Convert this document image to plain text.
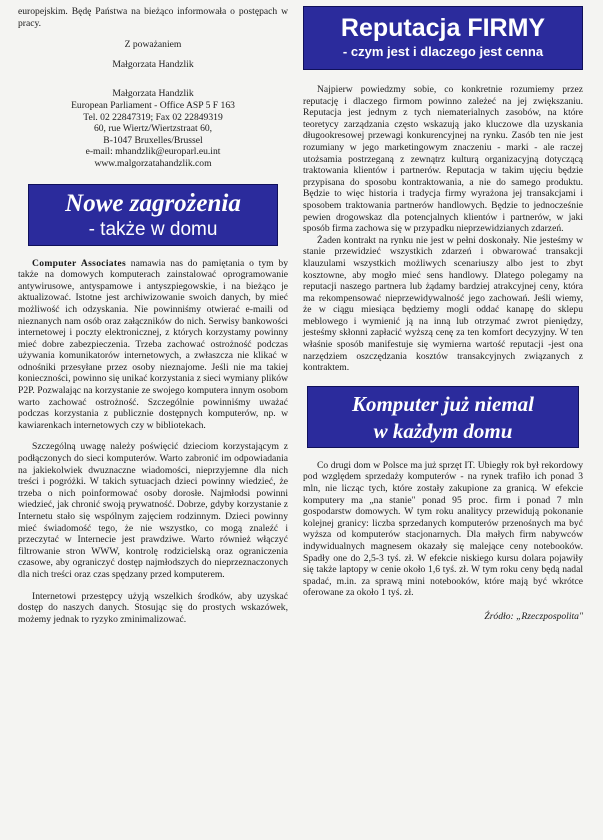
europejskim. Będę Państwa na bieżąco informowała o postępach w pracy.

Z poważaniem

Małgorzata Handzlik

Małgorzata Handzlik
European Parliament - Office ASP 5 F 163
Tel. 02 22847319; Fax 02 22849319
60, rue Wiertz/Wiertzstraat 60,
B-1047 Bruxelles/Brussel
e-mail: mhandzlik@europarl.eu.int
www.malgorzatahandzlik.com
Nowe zagrożenia
- także w domu

Computer Associates namawia nas do pamiętania o tym by także na domowych komputerach zainstalować oprogramowanie antywirusowe, antyspamowe i antyszpiegowskie, i na bieżąco je aktualizować. Istotne jest archiwizowanie swoich danych, by mieć możliwość ich odzyskania. Nie powinniśmy otwierać e-maili od nieznanych nam osób oraz załączników do nich. Serwisy bankowości internetowej i poczty elektronicznej, z których korzystamy powinny mieć dobre zabezpieczenia. Trzeba zachować ostrożność podczas używania komunikatorów internetowych, a zwłaszcza nie klikać w odnośniki przesyłane przez osoby nieznajome. Jeśli nie ma takiej konieczności, powinno się unikać korzystania z sieci wymiany plików P2P. Pozwalając na korzystanie ze swojego komputera innym osobom warto zachować ostrożność. Szczególnie powinniśmy uważać podczas korzystania z publicznie dostępnych komputerów, np. w kawiarenkach internetowych czy w bibliotekach.

Szczególną uwagę należy poświęcić dzieciom korzystającym z podłączonych do sieci komputerów. Warto zabronić im odpowiadania na jakiekolwiek dwuznaczne wiadomości, nieprzyjemne dla nich treści i pogróżki. W takich sytuacjach dzieci powinny wiedzieć, że trzeba o nich poinformować osoby dorosłe. Najmłodsi powinni wiedzieć, jak chronić swoją prywatność. Dobrze, gdyby korzystanie z Internetu stało się wspólnym zajęciem rodzinnym. Dzieci powinny mieć świadomość tego, że nie wszystko, co mogą znaleźć i przeczytać w Internecie jest prawdziwe. Warto również włączyć filtrowanie stron WWW, kontrolę rodzicielską oraz ograniczenia czasowe, aby ograniczyć dostęp najmłodszych do nieprzeznaczonych dla nich treści oraz czas spędzany przed komputerem.

Internetowi przestępcy użyją wszelkich środków, aby uzyskać dostęp do naszych danych. Stosując się do prostych wskazówek, możemy jednak to ryzyko zminimalizować.

Reputacja FIRMY
- czym jest i dlaczego jest cenna

Najpierw powiedzmy sobie, co konkretnie rozumiemy przez reputację i dlaczego firmom powinno zależeć na jej zwiększaniu. Reputacja jest jednym z tych niematerialnych zasobów, na które teoretycy zarządzania często wskazują jako kluczowe dla uzyskania długookresowej przewagi konkurencyjnej na rynku. Zasób ten nie jest rozumiany w jego marketingowym znaczeniu - marki - ale raczej utożsamia postrzeganą z zewnątrz kulturą organizacyjną dotyczącą traktowania klientów i partnerów. Reputacja w takim ujęciu będzie przypisana do sposobu kontraktowania, a nie do samego produktu. Będzie to więc historia i tradycja firmy wyrażona jej transakcjami i sposobem traktowania partnerów handlowych. Będzie to jednocześnie pewien drogowskaz dla potencjalnych klientów i partnerów, w jaki sposób firma zachowa się w przypadku nieprzewidzianych zdarzeń.

Żaden kontrakt na rynku nie jest w pełni doskonały. Nie jesteśmy w stanie przewidzieć wszystkich zdarzeń i obwarować transakcji klauzulami wszystkich możliwych scenariuszy albo jest to zbyt kosztowne, aby mogło mieć sens handlowy. Dlatego polegamy na reputacji naszego partnera lub żądamy bardziej atrakcyjnej ceny, która ma rekompensować nieprzewidywalność jego zachowań. Jeśli wiemy, że w ciągu miesiąca będziemy mogli oddać kanapę do sklepu meblowego i wymienić ją na inną lub otrzymać zwrot pieniędzy, jesteśmy skłonni zapłacić wyższą cenę za ten komfort decyzyjny. W ten właśnie sposób manifestuje się wymierna wartość reputacji -jest ona narzędziem oszczędzania kosztów transakcyjnych związanych z kontraktem.

Komputer już niemal
w każdym domu

Co drugi dom w Polsce ma już sprzęt IT. Ubiegły rok był rekordowy pod względem sprzedaży komputerów - na rynek trafiło ich ponad 3 mln, nie licząc tych, które zostały zakupione za granicą. W efekcie komputery ma „na stanie" ponad 95 proc. firm i ponad 7 mln gospodarstw domowych. W tym roku analitycy przewidują pokonanie kolejnej granicy: liczba sprzedanych komputerów przenośnych ma być wyższa od komputerów stacjonarnych. Dla małych firm nabywców indywidualnych magnesem okazały się malejące ceny notebooków. Spadły one do 2,5-3 tyś. zł. W efekcie niskiego kursu dolara pojawiły się także laptopy w cenie około 1,6 tyś. zł. W tym roku ceny będą nadal spadać, m.in. za sprawą mini notebooków, które mają być wkrótce oferowane za około 1 tyś. zł.

Źródło: „Rzeczpospolita"
